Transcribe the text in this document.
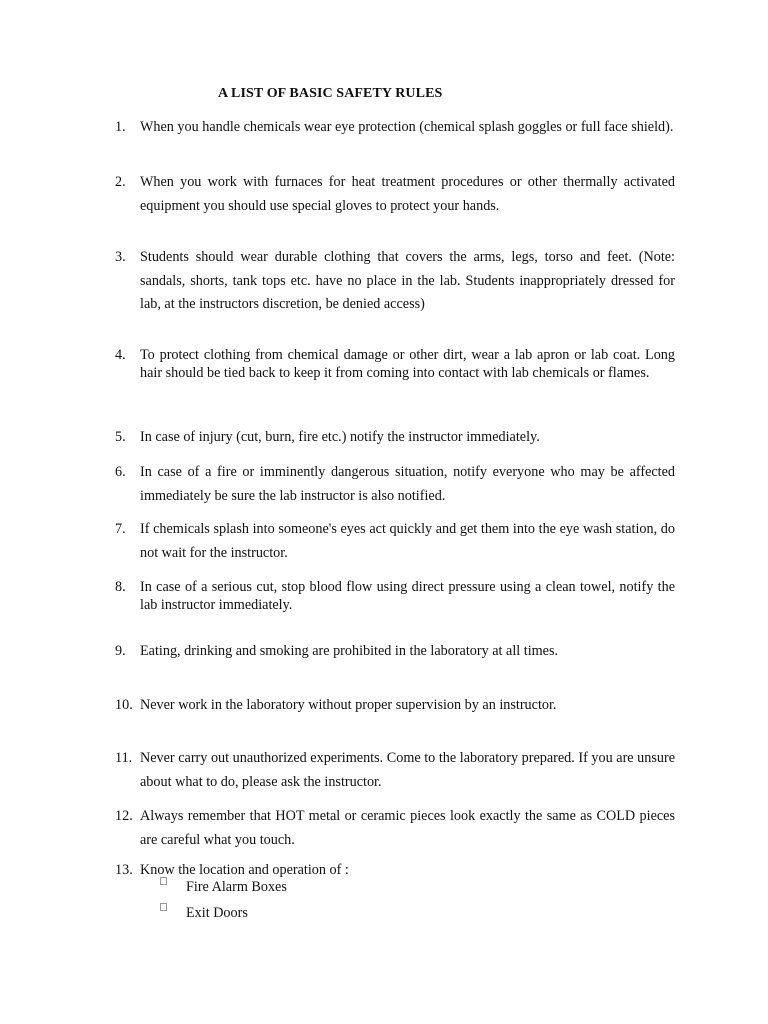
A LIST OF BASIC SAFETY RULES
1.	When you handle chemicals wear eye protection (chemical splash goggles or full face shield).
2.	When you work with furnaces for heat treatment procedures or other thermally activated equipment you should use special gloves to protect your hands.
3.	Students should wear durable clothing that covers the arms, legs, torso and feet. (Note: sandals, shorts, tank tops etc. have no place in the lab. Students inappropriately dressed for lab, at the instructors discretion, be denied access)
4.	To protect clothing from chemical damage or other dirt, wear a lab apron or lab coat. Long hair should be tied back to keep it from coming into contact with lab chemicals or flames.
5.	In case of injury (cut, burn, fire etc.) notify the instructor immediately.
6.	In case of a fire or imminently dangerous situation, notify everyone who may be affected immediately be sure the lab instructor is also notified.
7.	If chemicals splash into someone's eyes act quickly and get them into the eye wash station, do not wait for the instructor.
8.	In case of a serious cut, stop blood flow using direct pressure using a clean towel, notify the lab instructor immediately.
9.	Eating, drinking and smoking are prohibited in the laboratory at all times.
10. Never work in the laboratory without proper supervision by an instructor.
11. Never carry out unauthorized experiments. Come to the laboratory prepared. If you are unsure about what to do, please ask the instructor.
12. Always remember that HOT metal or ceramic pieces look exactly the same as COLD pieces are careful what you touch.
13. Know the location and operation of :
Fire Alarm Boxes
Exit Doors
